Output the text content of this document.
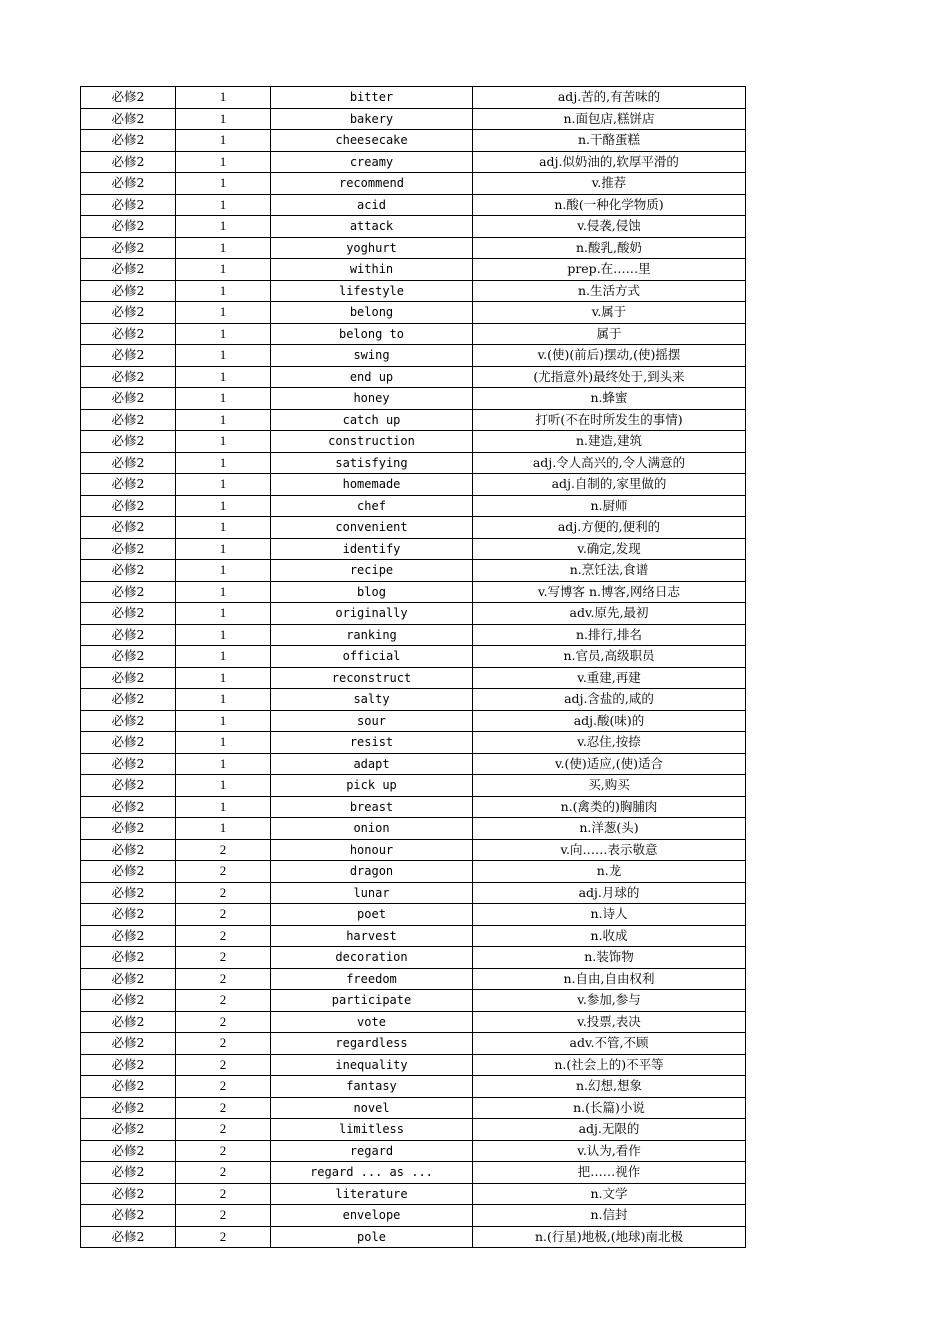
必修2	1	bitter	adj.苦的,有苦味的
必修2	1	bakery	n.面包店,糕饼店
必修2	1	cheesecake	n.干酪蛋糕
必修2	1	creamy	adj.似奶油的,软厚平滑的
必修2	1	recommend	v.推荐
必修2	1	acid	n.酸(一种化学物质)
必修2	1	attack	v.侵袭,侵蚀
必修2	1	yoghurt	n.酸乳,酸奶
必修2	1	within	prep.在……里
必修2	1	lifestyle	n.生活方式
必修2	1	belong	v.属于
必修2	1	belong to	属于
必修2	1	swing	v.(使)(前后)摆动,(使)摇摆
必修2	1	end up	(尤指意外)最终处于,到头来
必修2	1	honey	n.蜂蜜
必修2	1	catch up	打听(不在时所发生的事情)
必修2	1	construction	n.建造,建筑
必修2	1	satisfying	adj.令人高兴的,令人满意的
必修2	1	homemade	adj.自制的,家里做的
必修2	1	chef	n.厨师
必修2	1	convenient	adj.方便的,便利的
必修2	1	identify	v.确定,发现
必修2	1	recipe	n.烹饪法,食谱
必修2	1	blog	v.写博客 n.博客,网络日志
必修2	1	originally	adv.原先,最初
必修2	1	ranking	n.排行,排名
必修2	1	official	n.官员,高级职员
必修2	1	reconstruct	v.重建,再建
必修2	1	salty	adj.含盐的,咸的
必修2	1	sour	adj.酸(味)的
必修2	1	resist	v.忍住,按捺
必修2	1	adapt	v.(使)适应,(使)适合
必修2	1	pick up	买,购买
必修2	1	breast	n.(禽类的)胸脯肉
必修2	1	onion	n.洋葱(头)
必修2	2	honour	v.向……表示敬意
必修2	2	dragon	n.龙
必修2	2	lunar	adj.月球的
必修2	2	poet	n.诗人
必修2	2	harvest	n.收成
必修2	2	decoration	n.装饰物
必修2	2	freedom	n.自由,自由权利
必修2	2	participate	v.参加,参与
必修2	2	vote	v.投票,表决
必修2	2	regardless	adv.不管,不顾
必修2	2	inequality	n.(社会上的)不平等
必修2	2	fantasy	n.幻想,想象
必修2	2	novel	n.(长篇)小说
必修2	2	limitless	adj.无限的
必修2	2	regard	v.认为,看作
必修2	2	regard ... as ...	把……视作
必修2	2	literature	n.文学
必修2	2	envelope	n.信封
必修2	2	pole	n.(行星)地极,(地球)南北极
